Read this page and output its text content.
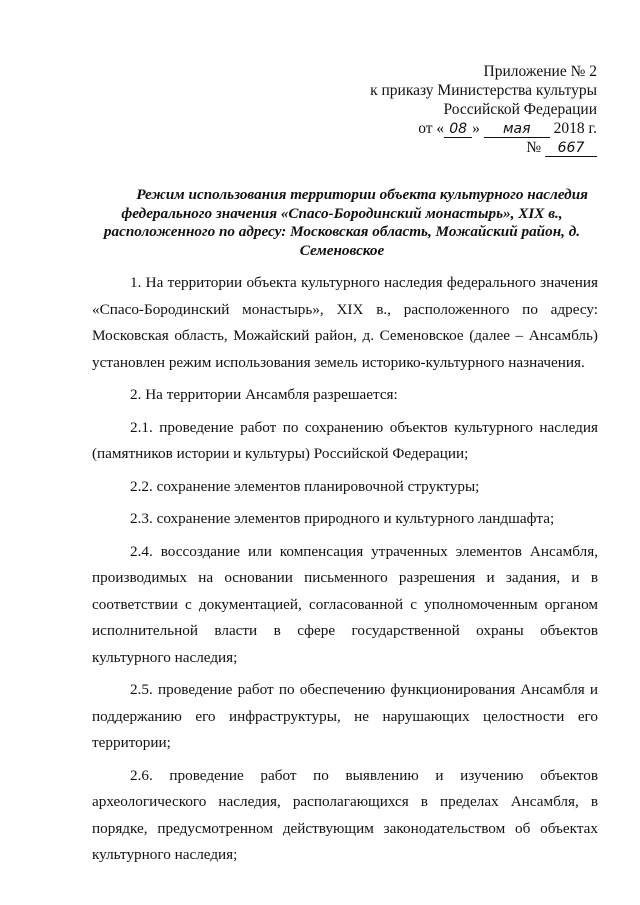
Приложение № 2
к приказу Министерства культуры
Российской Федерации
от « 08 » мая 2018 г.
№ 667
Режим использования территории объекта культурного наследия
федерального значения «Спасо-Бородинский монастырь», XIX в.,
расположенного по адресу: Московская область, Можайский район, д.
Семеновское
1. На территории объекта культурного наследия федерального значения
«Спасо-Бородинский монастырь», XIX в., расположенного по адресу:
Московская область, Можайский район, д. Семеновское (далее – Ансамбль)
установлен режим использования земель историко-культурного назначения.
2. На территории Ансамбля разрешается:
2.1. проведение работ по сохранению объектов культурного наследия
(памятников истории и культуры) Российской Федерации;
2.2. сохранение элементов планировочной структуры;
2.3. сохранение элементов природного и культурного ландшафта;
2.4. воссоздание или компенсация утраченных элементов Ансамбля,
производимых на основании письменного разрешения и задания, и в
соответствии с документацией, согласованной с уполномоченным органом
исполнительной власти в сфере государственной охраны объектов
культурного наследия;
2.5. проведение работ по обеспечению функционирования Ансамбля и
поддержанию его инфраструктуры, не нарушающих целостности его
территории;
2.6. проведение работ по выявлению и изучению объектов
археологического наследия, располагающихся в пределах Ансамбля, в
порядке, предусмотренном действующим законодательством об объектах
культурного наследия;
